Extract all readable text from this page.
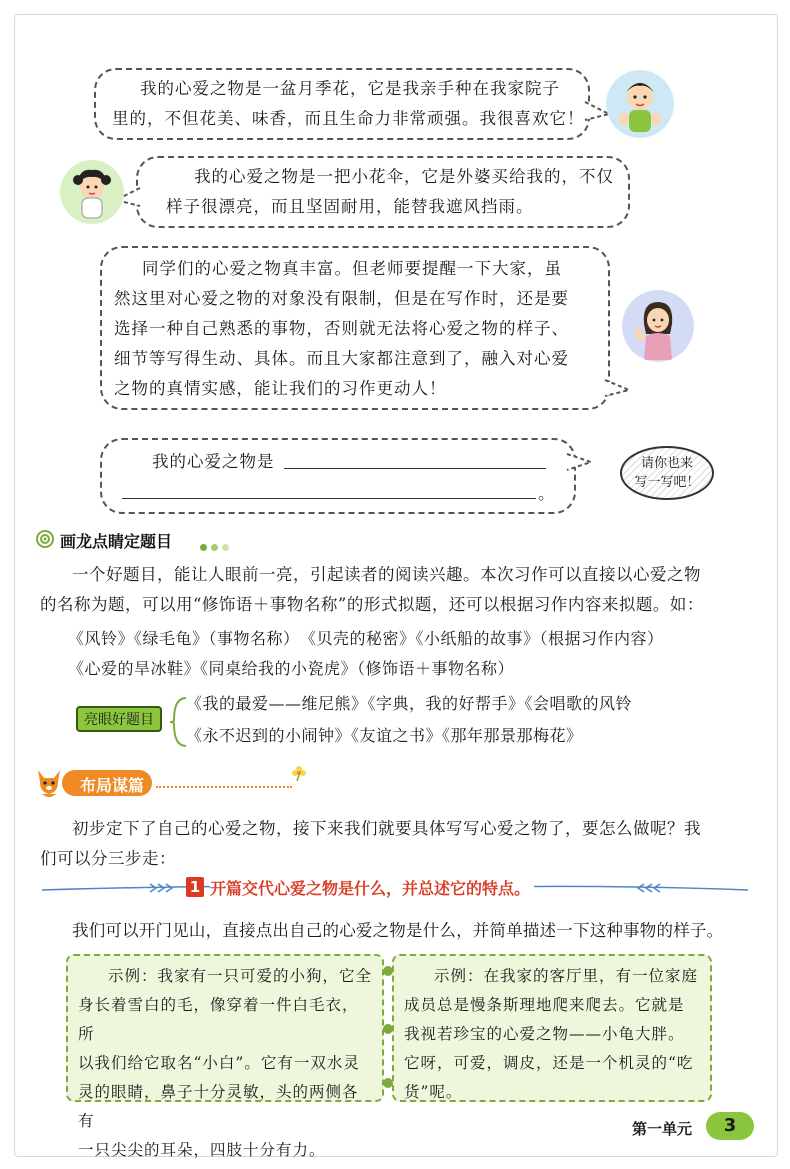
我的心爱之物是一盆月季花，它是我亲手种在我家院子

里的，不但花美、味香，而且生命力非常顽强。我很喜欢它！

我的心爱之物是一把小花伞，它是外婆买给我的，不仅

样子很漂亮，而且坚固耐用，能替我遮风挡雨。

同学们的心爱之物真丰富。但老师要提醒一下大家，虽

然这里对心爱之物的对象没有限制，但是在写作时，还是要

选择一种自己熟悉的事物，否则就无法将心爱之物的样子、

细节等写得生动、具体。而且大家都注意到了，融入对心爱

之物的真情实感，能让我们的习作更动人！

我的心爱之物是
。
请你也来
写一写吧！
画龙点睛定题目
一个好题目，能让人眼前一亮，引起读者的阅读兴趣。本次习作可以直接以心爱之物
的名称为题，可以用“修饰语＋事物名称”的形式拟题，还可以根据习作内容来拟题。如：
《风铃》《绿毛龟》（事物名称）　《贝壳的秘密》《小纸船的故事》（根据习作内容）
《心爱的旱冰鞋》《同桌给我的小瓷虎》（修饰语＋事物名称）
亮眼好题目
《我的最爱——维尼熊》《字典，我的好帮手》《会唱歌的风铃
《永不迟到的小闹钟》《友谊之书》《那年那景那梅花》
布局谋篇
初步定下了自己的心爱之物，接下来我们就要具体写写心爱之物了，要怎么做呢？我
们可以分三步走：
1 开篇交代心爱之物是什么，并总述它的特点。
我们可以开门见山，直接点出自己的心爱之物是什么，并简单描述一下这种事物的样子。
示例：我家有一只可爱的小狗，它全
身长着雪白的毛，像穿着一件白毛衣，所
以我们给它取名“小白”。它有一双水灵
灵的眼睛，鼻子十分灵敏，头的两侧各有
一只尖尖的耳朵，四肢十分有力。
示例：在我家的客厅里，有一位家庭
成员总是慢条斯理地爬来爬去。它就是
我视若珍宝的心爱之物——小龟大胖。
它呀，可爱，调皮，还是一个机灵的“吃
货”呢。
第一单元	3
